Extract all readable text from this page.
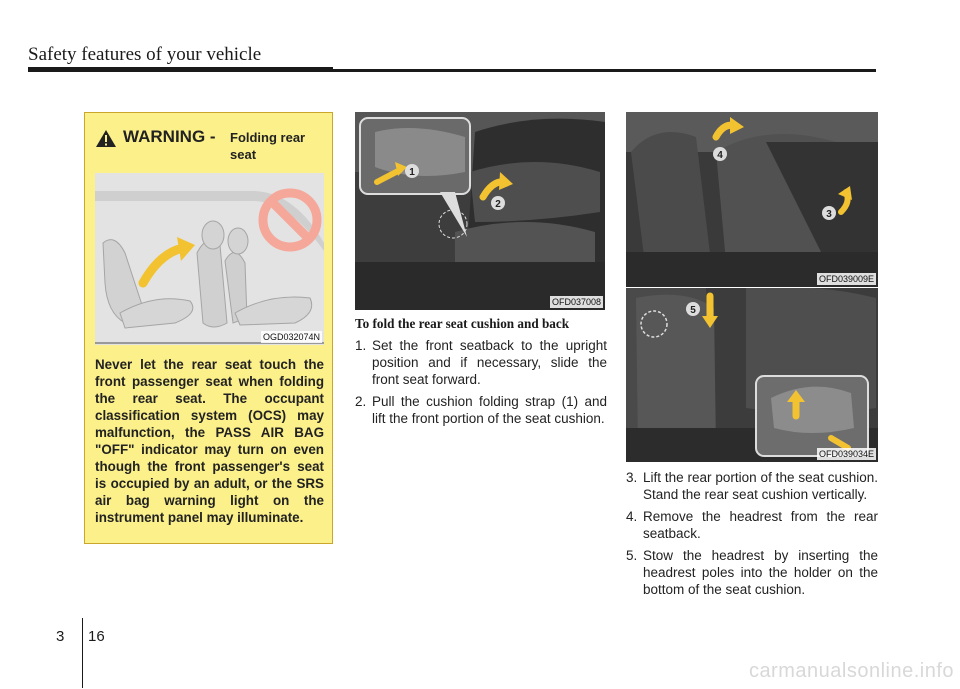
Safety features of your vehicle
WARNING - Folding rear seat
OGD032074N
Never let the rear seat touch the front passenger seat when folding the rear seat. The occupant classification system (OCS) may malfunction, the PASS AIR BAG "OFF" indicator may turn on even though the front passenger's seat is occupied by an adult, or the SRS air bag warning light on the instrument panel may illuminate.
1
2
OFD037008
4
3
OFD039009E
5
OFD039034E
To fold the rear seat cushion and back
1. Set the front seatback to the upright position and if necessary, slide the front seat forward.
2. Pull the cushion folding strap (1) and lift the front portion of the seat cushion.
3. Lift the rear portion of the seat cushion. Stand the rear seat cushion vertically.
4. Remove the headrest from the rear seatback.
5. Stow the headrest by inserting the headrest poles into the holder on the bottom of the seat cushion.
3 16
carmanualsonline.info
